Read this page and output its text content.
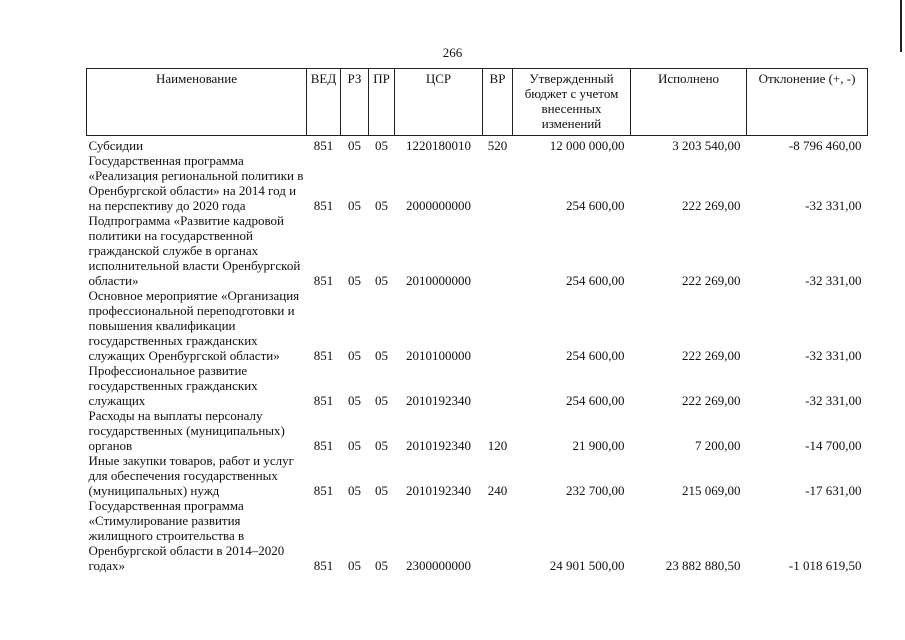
266
Наименование	ВЕД	РЗ	ПР	ЦСР	ВР	Утвержденный бюджет с учетом внесенных изменений	Исполнено	Отклонение (+, -)
Субсидии	851	05	05	1220180010	520	12 000 000,00	3 203 540,00	-8 796 460,00
Государственная программа «Реализация региональной политики в Оренбургской области» на 2014 год и на перспективу до 2020 года	851	05	05	2000000000		254 600,00	222 269,00	-32 331,00
Подпрограмма «Развитие кадровой политики на государственной гражданской службе в органах исполнительной власти Оренбургской области»	851	05	05	2010000000		254 600,00	222 269,00	-32 331,00
Основное мероприятие «Организация профессиональной переподготовки и повышения квалификации государственных гражданских служащих Оренбургской области»	851	05	05	2010100000		254 600,00	222 269,00	-32 331,00
Профессиональное развитие государственных гражданских служащих	851	05	05	2010192340		254 600,00	222 269,00	-32 331,00
Расходы на выплаты персоналу государственных (муниципальных) органов	851	05	05	2010192340	120	21 900,00	7 200,00	-14 700,00
Иные закупки товаров, работ и услуг для обеспечения государственных (муниципальных) нужд	851	05	05	2010192340	240	232 700,00	215 069,00	-17 631,00
Государственная программа «Стимулирование развития жилищного строительства в Оренбургской области в 2014–2020 годах»	851	05	05	2300000000		24 901 500,00	23 882 880,50	-1 018 619,50
